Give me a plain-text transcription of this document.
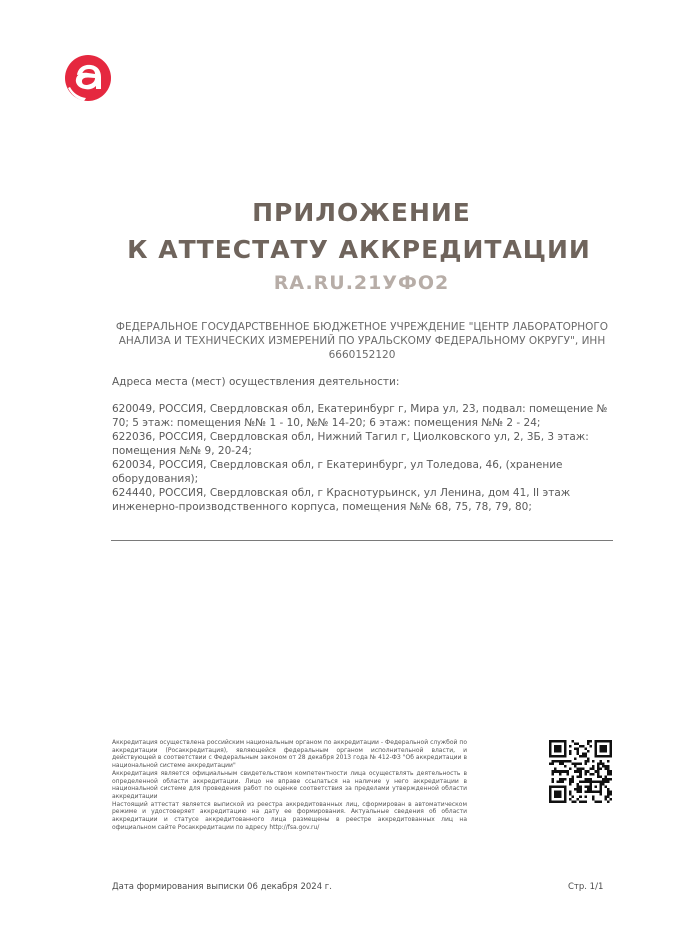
ПРИЛОЖЕНИЕ
К АТТЕСТАТУ АККРЕДИТАЦИИ
RA.RU.21УФО2
ФЕДЕРАЛЬНОЕ ГОСУДАРСТВЕННОЕ БЮДЖЕТНОЕ УЧРЕЖДЕНИЕ "ЦЕНТР ЛАБОРАТОРНОГО АНАЛИЗА И ТЕХНИЧЕСКИХ ИЗМЕРЕНИЙ ПО УРАЛЬСКОМУ ФЕДЕРАЛЬНОМУ ОКРУГУ", ИНН 6660152120
Адреса места (мест) осуществления деятельности:

620049, РОССИЯ, Свердловская обл, Екатеринбург г, Мира ул, 23, подвал: помещение № 70; 5 этаж: помещения №№ 1 - 10, №№ 14-20; 6 этаж: помещения №№ 2 - 24;

622036, РОССИЯ, Свердловская обл, Нижний Тагил г, Циолковского ул, 2, 3Б, 3 этаж: помещения №№ 9, 20-24;

620034, РОССИЯ, Свердловская обл, г Екатеринбург, ул Толедова, 46, (хранение оборудования);

624440, РОССИЯ, Свердловская обл, г Краснотурьинск, ул Ленина, дом 41, II этаж инженерно-производственного корпуса, помещения №№ 68, 75, 78, 79, 80;

Аккредитация осуществлена российским национальным органом по аккредитации - Федеральной службой по аккредитации (Росаккредитация), являющейся федеральным органом исполнительной власти, и действующей в соответствии с Федеральным законом от 28 декабря 2013 года № 412-ФЗ "Об аккредитации в национальной системе аккредитации"

Аккредитация является официальным свидетельством компетентности лица осуществлять деятельность в определенной области аккредитации. Лицо не вправе ссылаться на наличие у него аккредитации в национальной системе для проведения работ по оценке соответствия за пределами утвержденной области аккредитации

Настоящий аттестат является выпиской из реестра аккредитованных лиц, сформирован в автоматическом режиме и удостоверяет аккредитацию на дату ее формирования. Актуальные сведения об области аккредитации и статусе аккредитованного лица размещены в реестре аккредитованных лиц на официальном сайте Росаккредитации по адресу http://fsa.gov.ru/

Дата формирования выписки 06 декабря 2024 г.	Стр. 1/1
